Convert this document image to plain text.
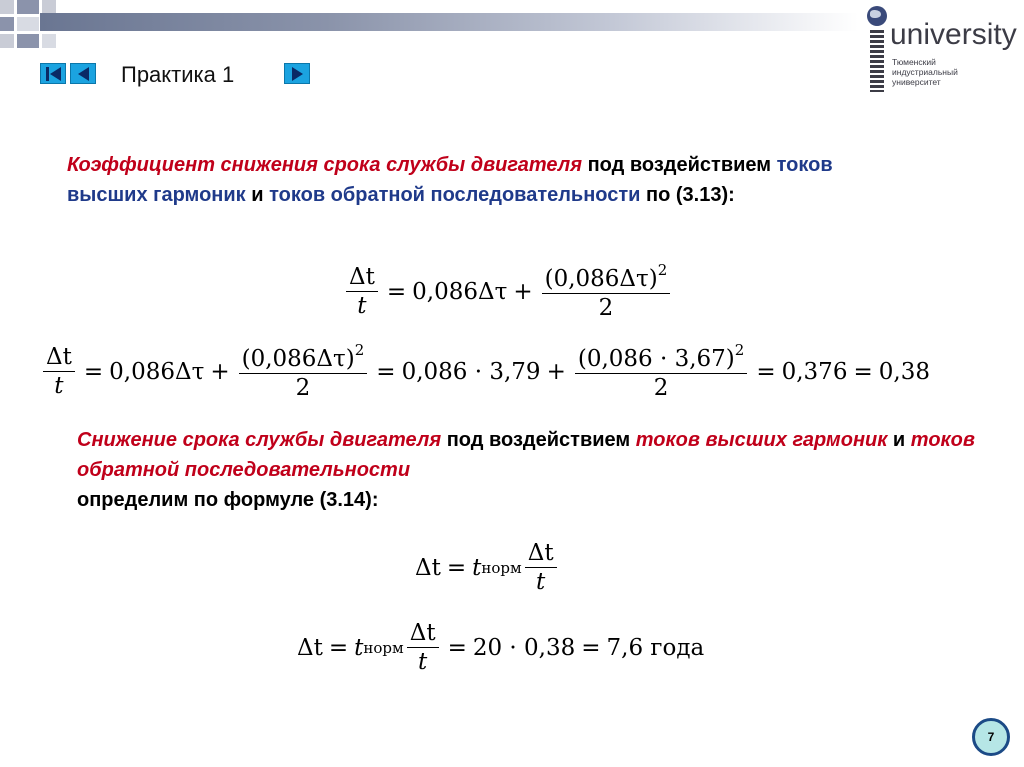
Практика 1
university
Тюменский
индустриальный
университет
Коэффициент снижения срока службы двигателя под воздействием токов высших гармоник и токов обратной последовательности по (3.13):
$\frac{\Delta t}{t} = 0,086\Delta\tau + \frac{(0,086\Delta\tau)^2}{2}$
$\frac{\Delta t}{t} = 0,086\Delta\tau + \frac{(0,086\Delta\tau)^2}{2} = 0,086 \cdot 3,79 + \frac{(0,086 \cdot 3,67)^2}{2} = 0,376 = 0,38$
Снижение срока службы двигателя под воздействием токов высших гармоник и токов обратной последовательности
определим по формуле (3.14):
Δt = t норм $\frac{\Delta t}{t}$
Δt = t норм $\frac{\Delta t}{t} = 20 \cdot 0,38 = 7,6$ года
7
